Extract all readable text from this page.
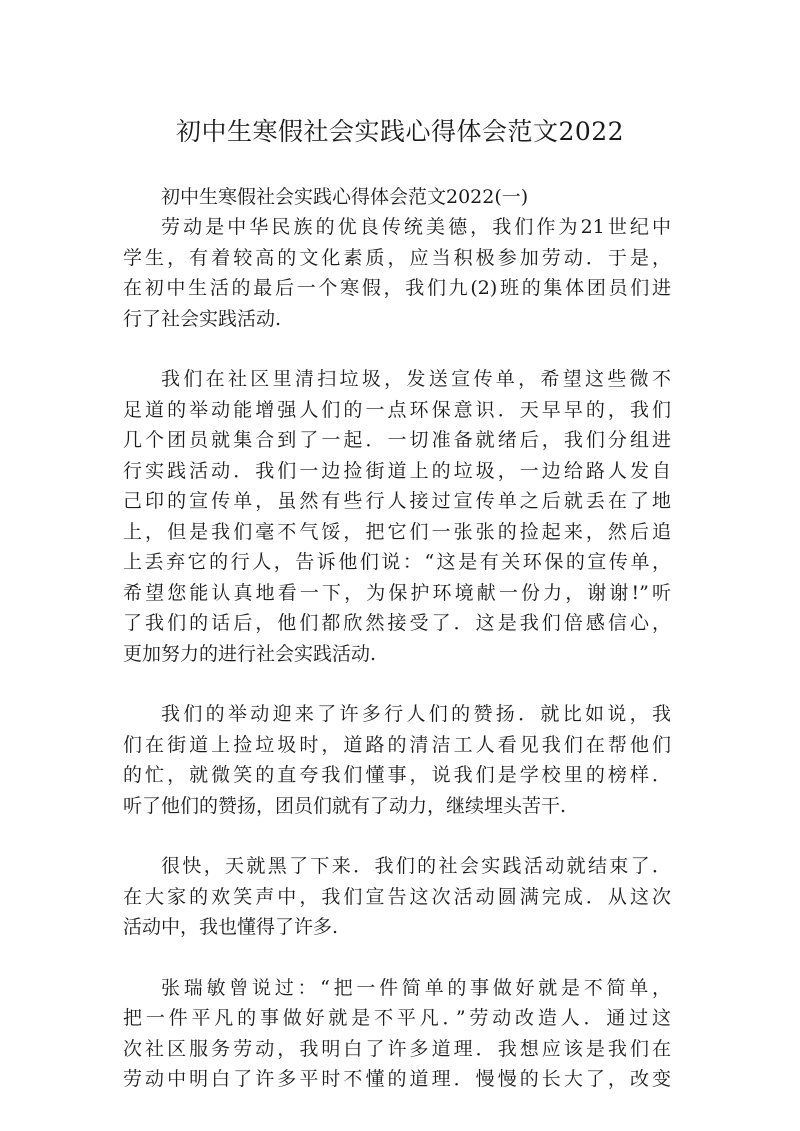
初中生寒假社会实践心得体会范文2022

初中生寒假社会实践心得体会范文2022(一)

劳动是中华民族的优良传统美德，我们作为21世纪中
学生，有着较高的文化素质，应当积极参加劳动．于是，
在初中生活的最后一个寒假，我们九(2)班的集体团员们进
行了社会实践活动.

我们在社区里清扫垃圾，发送宣传单，希望这些微不
足道的举动能增强人们的一点环保意识．天早早的，我们
几个团员就集合到了一起．一切准备就绪后，我们分组进
行实践活动．我们一边捡街道上的垃圾，一边给路人发自
己印的宣传单，虽然有些行人接过宣传单之后就丢在了地
上，但是我们毫不气馁，把它们一张张的捡起来，然后追
上丢弃它的行人，告诉他们说：“这是有关环保的宣传单，
希望您能认真地看一下，为保护环境献一份力，谢谢!”听
了我们的话后，他们都欣然接受了．这是我们倍感信心，
更加努力的进行社会实践活动.

我们的举动迎来了许多行人们的赞扬．就比如说，我
们在街道上捡垃圾时，道路的清洁工人看见我们在帮他们
的忙，就微笑的直夸我们懂事，说我们是学校里的榜样．
听了他们的赞扬，团员们就有了动力，继续埋头苦干.

很快，天就黑了下来．我们的社会实践活动就结束了．
在大家的欢笑声中，我们宣告这次活动圆满完成．从这次
活动中，我也懂得了许多.

张瑞敏曾说过：“把一件简单的事做好就是不简单，
把一件平凡的事做好就是不平凡．”劳动改造人．通过这
次社区服务劳动，我明白了许多道理．我想应该是我们在
劳动中明白了许多平时不懂的道理．慢慢的长大了，改变
